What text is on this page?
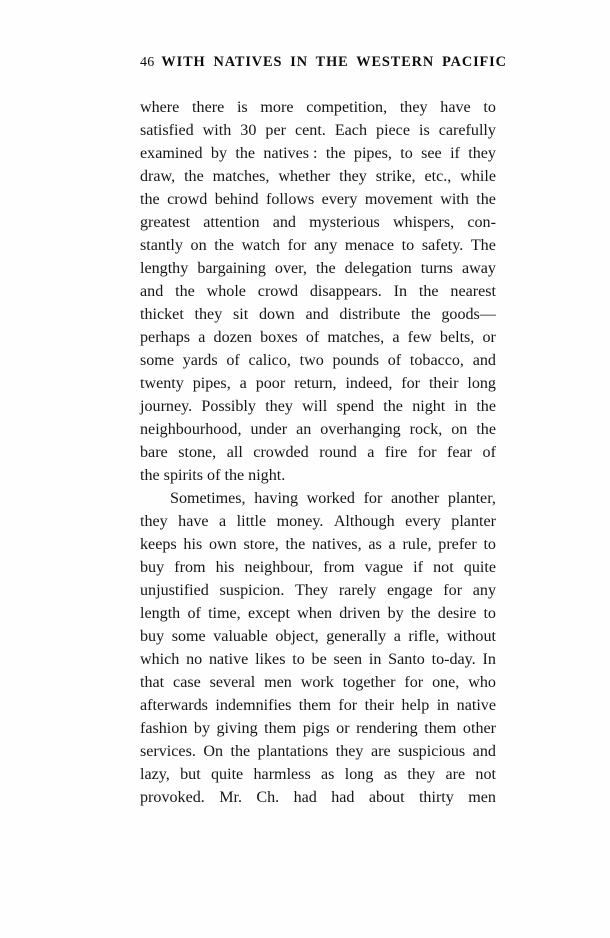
46 WITH NATIVES IN THE WESTERN PACIFIC

where there is more competition, they have to
satisfied with 30 per cent. Each piece is carefully
examined by the natives : the pipes, to see if they
draw, the matches, whether they strike, etc., while
the crowd behind follows every movement with the
greatest attention and mysterious whispers, con-
stantly on the watch for any menace to safety. The
lengthy bargaining over, the delegation turns away
and the whole crowd disappears. In the nearest
thicket they sit down and distribute the goods—
perhaps a dozen boxes of matches, a few belts, or
some yards of calico, two pounds of tobacco, and
twenty pipes, a poor return, indeed, for their long
journey. Possibly they will spend the night in the
neighbourhood, under an overhanging rock, on the
bare stone, all crowded round a fire for fear of
the spirits of the night.

Sometimes, having worked for another planter,
they have a little money. Although every planter
keeps his own store, the natives, as a rule, prefer to
buy from his neighbour, from vague if not quite
unjustified suspicion. They rarely engage for any
length of time, except when driven by the desire to
buy some valuable object, generally a rifle, without
which no native likes to be seen in Santo to-day. In
that case several men work together for one, who
afterwards indemnifies them for their help in native
fashion by giving them pigs or rendering them other
services. On the plantations they are suspicious and
lazy, but quite harmless as long as they are not
provoked. Mr. Ch. had had about thirty men
